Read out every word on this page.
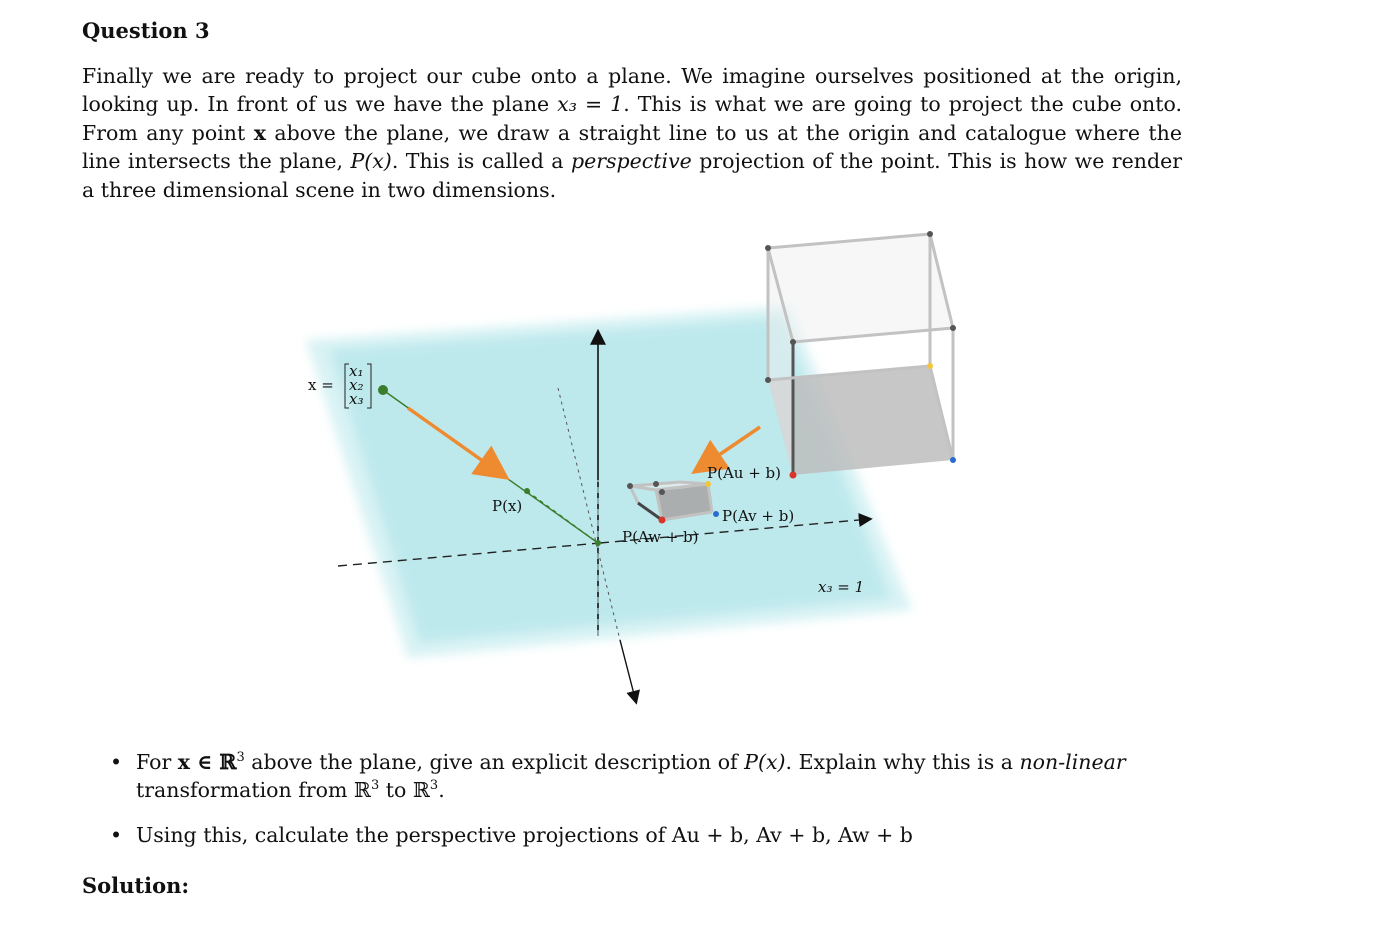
Question 3
Finally we are ready to project our cube onto a plane. We imagine ourselves positioned at the origin, looking up. In front of us we have the plane x₃ = 1. This is what we are going to project the cube onto. From any point x above the plane, we draw a straight line to us at the origin and catalogue where the line intersects the plane, P(x). This is called a perspective projection of the point. This is how we render a three dimensional scene in two dimensions.
x =
x₁
x₂
x₃
P(x)
P(Au + b)
P(Av + b)
P(Aw + b)
x₃ = 1
• For x ∈ ℝ$^3$ above the plane, give an explicit description of P(x). Explain why this is a non-linear transformation from ℝ$^3$ to ℝ$^3$.
• Using this, calculate the perspective projections of Au + b, Av + b, Aw + b
Solution:
